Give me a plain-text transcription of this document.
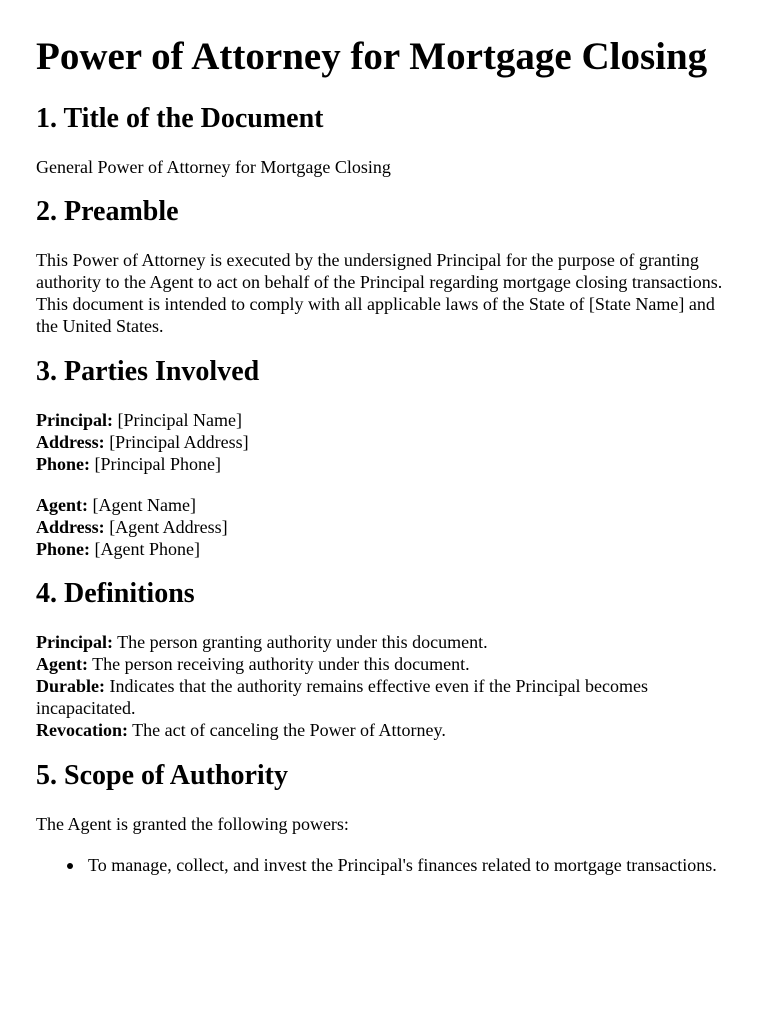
Power of Attorney for Mortgage Closing
1. Title of the Document

General Power of Attorney for Mortgage Closing

2. Preamble

This Power of Attorney is executed by the undersigned Principal for the purpose of granting authority to the Agent to act on behalf of the Principal regarding mortgage closing transactions. This document is intended to comply with all applicable laws of the State of [State Name] and the United States.

3. Parties Involved

Principal: [Principal Name]
Address: [Principal Address]
Phone: [Principal Phone]

Agent: [Agent Name]
Address: [Agent Address]
Phone: [Agent Phone]

4. Definitions

Principal: The person granting authority under this document.
Agent: The person receiving authority under this document.
Durable: Indicates that the authority remains effective even if the Principal becomes incapacitated.
Revocation: The act of canceling the Power of Attorney.

5. Scope of Authority

The Agent is granted the following powers:

To manage, collect, and invest the Principal's finances related to mortgage transactions.
